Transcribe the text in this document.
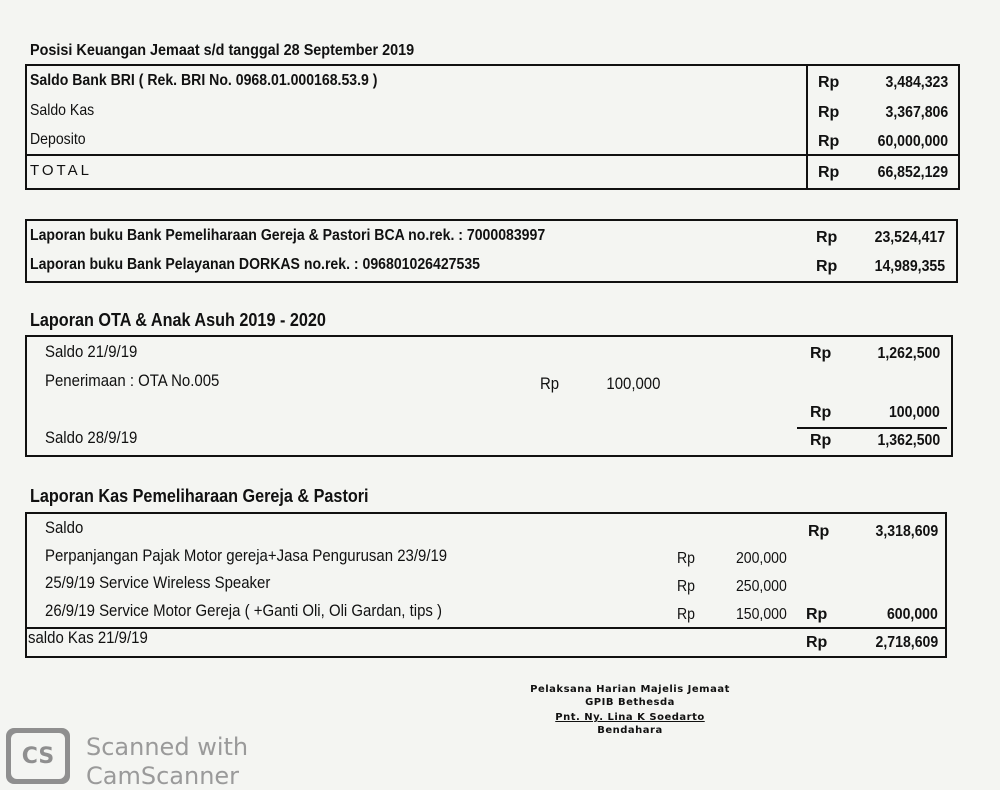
Posisi Keuangan Jemaat s/d tanggal 28 September 2019
Saldo Bank BRI ( Rek. BRI No. 0968.01.000168.53.9 )	Rp	3,484,323
Saldo Kas	Rp	3,367,806
Deposito	Rp 60,000,000
TOTAL	Rp 66,852,129
Laporan buku Bank Pemeliharaan Gereja & Pastori BCA no.rek. : 7000083997	Rp 23,524,417
Laporan buku Bank Pelayanan DORKAS no.rek. : 096801026427535	Rp 14,989,355
Laporan OTA & Anak Asuh 2019 - 2020
Saldo 21/9/19	Rp	1,262,500
Penerimaan : OTA No.005	Rp	100,000
Rp	100,000
Saldo 28/9/19	Rp	1,362,500
Laporan Kas Pemeliharaan Gereja & Pastori
Saldo	Rp	3,318,609
Perpanjangan Pajak Motor gereja+Jasa Pengurusan 23/9/19	Rp	200,000
25/9/19 Service Wireless Speaker	Rp	250,000
26/9/19 Service Motor Gereja ( +Ganti Oli, Oli Gardan, tips )	Rp	150,000 Rp	600,000
saldo Kas 21/9/19	Rp	2,718,609
Pelaksana Harian Majelis Jemaat
GPIB Bethesda
Pnt. Ny. Lina K Soedarto
Bendahara
CS Scanned with
CamScanner
